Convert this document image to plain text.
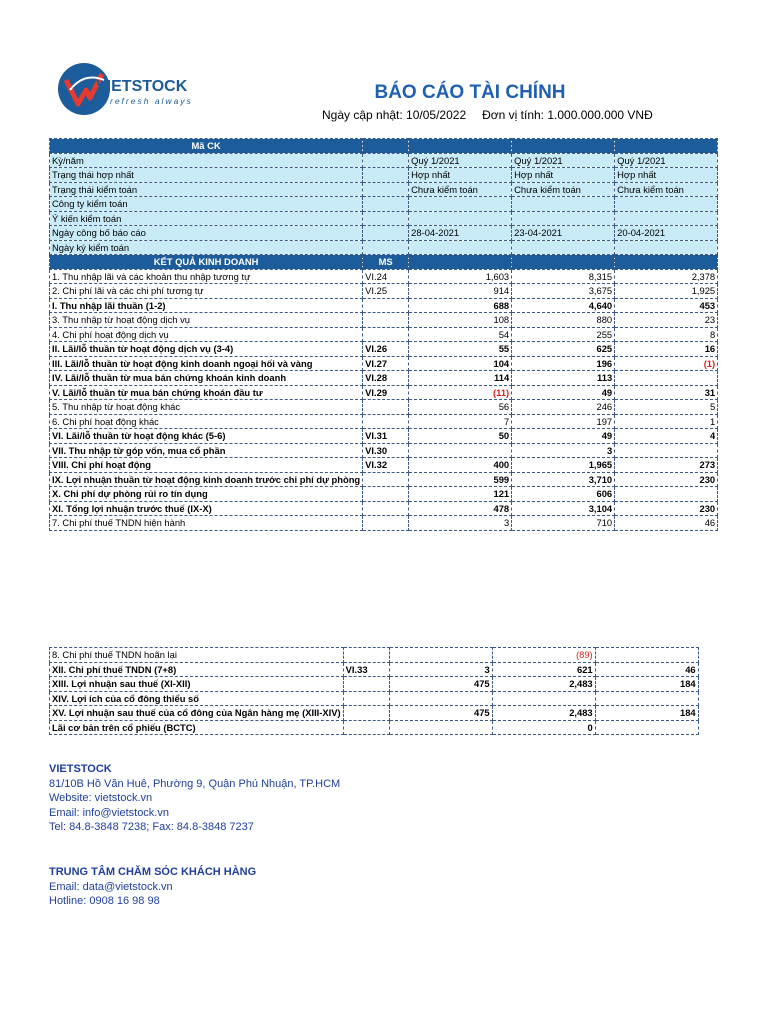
VIETSTOCK
refresh always	BÁO CÁO TÀI CHÍNH
Ngày cập nhật: 10/05/2022 Đơn vị tính: 1.000.000.000 VNĐ
Mã CK		ABB	ACB	BAB
Kỳ/năm		Quý 1/2021	Quý 1/2021	Quý 1/2021
Trạng thái hợp nhất		Hợp nhất	Hợp nhất	Hợp nhất
Trạng thái kiểm toán		Chưa kiểm toán	Chưa kiểm toán	Chưa kiểm toán
Công ty kiểm toán				
Ý kiến kiểm toán				
Ngày công bố báo cáo		28-04-2021	23-04-2021	20-04-2021
Ngày ký kiểm toán				
KẾT QUẢ KINH DOANH	MS			
1. Thu nhập lãi và các khoản thu nhập tương tự	VI.24	1,603	8,315	2,378
2. Chi phí lãi và các chi phí tương tự	VI.25	914	3,675	1,925
I. Thu nhập lãi thuần (1-2)		688	4,640	453
3. Thu nhập từ hoạt động dịch vụ		108	880	23
4. Chi phí hoạt động dịch vụ		54	255	8
II. Lãi/lỗ thuần từ hoạt động dịch vụ (3-4)	VI.26	55	625	16
III. Lãi/lỗ thuần từ hoạt động kinh doanh ngoại hối và vàng	VI.27	104	196	(1)
IV. Lãi/lỗ thuần từ mua bán chứng khoán kinh doanh	VI.28	114	113	
V. Lãi/lỗ thuần từ mua bán chứng khoán đầu tư	VI.29	(11)	49	31
5. Thu nhập từ hoạt động khác		56	246	5
6. Chi phí hoạt động khác		7	197	1
VI. Lãi/lỗ thuần từ hoạt động khác (5-6)	VI.31	50	49	4
VII. Thu nhập từ góp vốn, mua cổ phần	VI.30		3	
VIII. Chi phí hoạt động	VI.32	400	1,965	273
IX. Lợi nhuận thuần từ hoạt động kinh doanh trước chi phí dự phòng		599	3,710	230
X. Chi phí dự phòng rủi ro tín dụng		121	606	
XI. Tổng lợi nhuận trước thuế (IX-X)		478	3,104	230
7. Chi phí thuế TNDN hiện hành		3	710	46
8. Chi phí thuế TNDN hoãn lại			(89)	
XII. Chi phí thuế TNDN (7+8)	VI.33	3	621	46
XIII. Lợi nhuận sau thuế (XI-XII)		475	2,483	184
XIV. Lợi ích của cổ đông thiểu số				
XV. Lợi nhuận sau thuế của cổ đông của Ngân hàng mẹ (XIII-XIV)		475	2,483	184
Lãi cơ bản trên cổ phiếu (BCTC)			0	
VIETSTOCK
81/10B Hồ Văn Huê, Phường 9, Quận Phú Nhuận, TP.HCM
Website: vietstock.vn
Email: info@vietstock.vn
Tel: 84.8-3848 7238; Fax: 84.8-3848 7237
TRUNG TÂM CHĂM SÓC KHÁCH HÀNG
Email: data@vietstock.vn
Hotline: 0908 16 98 98
